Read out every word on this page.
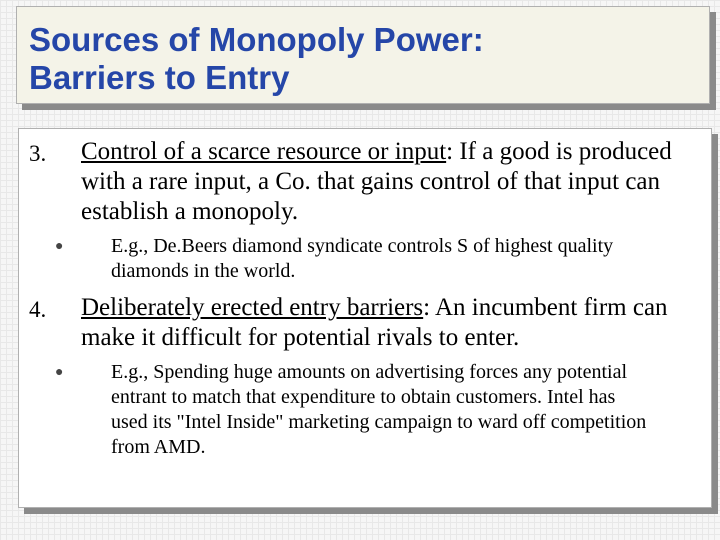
Sources of Monopoly Power:
Barriers to Entry
3. Control of a scarce resource or input: If a good is produced with a rare input, a Co. that gains control of that input can establish a monopoly.

● E.g., De.Beers diamond syndicate controls S of highest quality diamonds in the world.

4. Deliberately erected entry barriers: An incumbent firm can make it difficult for potential rivals to enter.

● E.g., Spending huge amounts on advertising forces any potential entrant to match that expenditure to obtain customers. Intel has used its "Intel Inside" marketing campaign to ward off competition from AMD.
